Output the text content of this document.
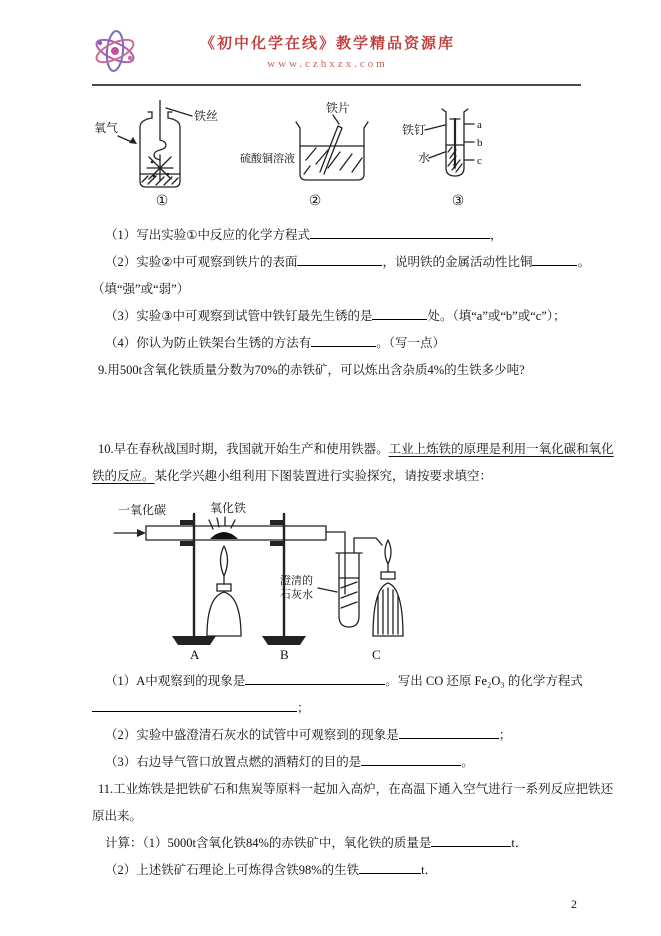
《初中化学在线》教学精品资源库
www.czhxzx.com
氧气
铁丝
①
铁片
硫酸铜溶液
②
铁钉
水
a
b
c
③

（1）写出实验①中反应的化学方程式	，

（2）实验②中可观察到铁片的表面	，说明铁的金属活动性比铜	。

（填“强”或“弱”）

（3）实验③中可观察到试管中铁钉最先生锈的是	处。（填“a”或“b”或“c”）；

（4）你认为防止铁架台生锈的方法有	。（写一点）

9.用500t含氧化铁质量分数为70%的赤铁矿，可以炼出含杂质4%的生铁多少吨?

10.早在春秋战国时期，我国就开始生产和使用铁器。工业上炼铁的原理是利用一氧化碳和氧化

铁的反应。某化学兴趣小组利用下图装置进行实验探究，请按要求填空：

一氧化碳	氧化铁
澄清的
石灰水
A	B	C

（1）A中观察到的现象是	。写出 CO 还原 Fe₂O₃ 的化学方程式

；

（2）实验中盛澄清石灰水的试管中可观察到的现象是	；

（3）右边导气管口放置点燃的酒精灯的目的是	。

11.工业炼铁是把铁矿石和焦炭等原料一起加入高炉，在高温下通入空气进行一系列反应把铁还

原出来。

计算：（1）5000t含氧化铁84%的赤铁矿中，氧化铁的质量是	t．

（2）上述铁矿石理论上可炼得含铁98%的生铁	t．

2
